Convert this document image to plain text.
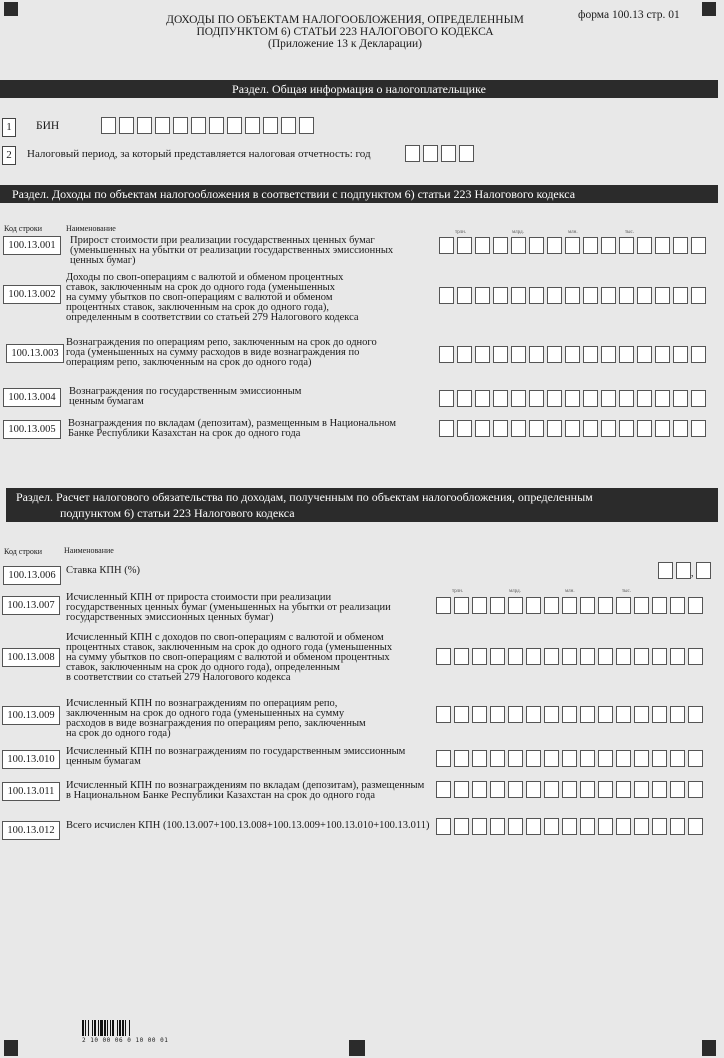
ДОХОДЫ ПО ОБЪЕКТАМ НАЛОГООБЛОЖЕНИЯ, ОПРЕДЕЛЕННЫМ
ПОДПУНКТОМ 6) СТАТЬИ 223 НАЛОГОВОГО КОДЕКСА
(Приложение 13 к Декларации)
форма 100.13 стр. 01
Раздел. Общая информация о налогоплательщике
1	БИН
2	Налоговый период, за который представляется налоговая отчетность: год
Раздел. Доходы по объектам налогообложения в соответствии с подпунктом 6) статьи 223 Налогового кодекса
Код строки	Наименование	трлн.	млрд.	млн.	тыс.
100.13.001	Прирост стоимости при реализации государственных ценных бумаг
(уменьшенных на убытки от реализации государственных эмиссионных
ценных бумаг)
100.13.002
Доходы по своп-операциям с валютой и обменом процентных
ставок, заключенным на срок до одного года (уменьшенных
на сумму убытков по своп-операциям с валютой и обменом
процентных ставок, заключенным на срок до одного года),
определенным в соответствии со статьей 279 Налогового кодекса
100.13.003
Вознаграждения по операциям репо, заключенным на срок до одного
года (уменьшенных на сумму расходов в виде вознаграждения по
операциям репо, заключенным на срок до одного года)
100.13.004
Вознаграждения по государственным эмиссионным
ценным бумагам
100.13.005
Вознаграждения по вкладам (депозитам), размещенным в Национальном
Банке Республики Казахстан на срок до одного года
Раздел. Расчет налогового обязательства по доходам, полученным по объектам налогообложения, определенным
подпунктом 6) статьи 223 Налогового кодекса
Код строки	Наименование
трлн.	млрд.	млн.	тыс.
100.13.006 Ставка КПН (%)
100.13.007
Исчисленный КПН от прироста стоимости при реализации
государственных ценных бумаг (уменьшенных на убытки от реализации
государственных эмиссионных ценных бумаг)
100.13.008
Исчисленный КПН с доходов по своп-операциям с валютой и обменом
процентных ставок, заключенным на срок до одного года (уменьшенных
на сумму убытков по своп-операциям с валютой и обменом процентных
ставок, заключенным на срок до одного года), определенным
в соответствии со статьей 279 Налогового кодекса
100.13.009
Исчисленный КПН по вознаграждениям по операциям репо,
заключенным на срок до одного года (уменьшенных на сумму
расходов в виде вознаграждения по операциям репо, заключенным
на срок до одного года)
100.13.010
Исчисленный КПН по вознаграждениям по государственным эмиссионным
ценным бумагам
100.13.011
Исчисленный КПН по вознаграждениям по вкладам (депозитам), размещенным
в Национальном Банке Республики Казахстан на срок до одного года
100.13.012	Всего исчислен КПН (100.13.007+100.13.008+100.13.009+100.13.010+100.13.011)
,
2 10 00 06 0 10 00 01
